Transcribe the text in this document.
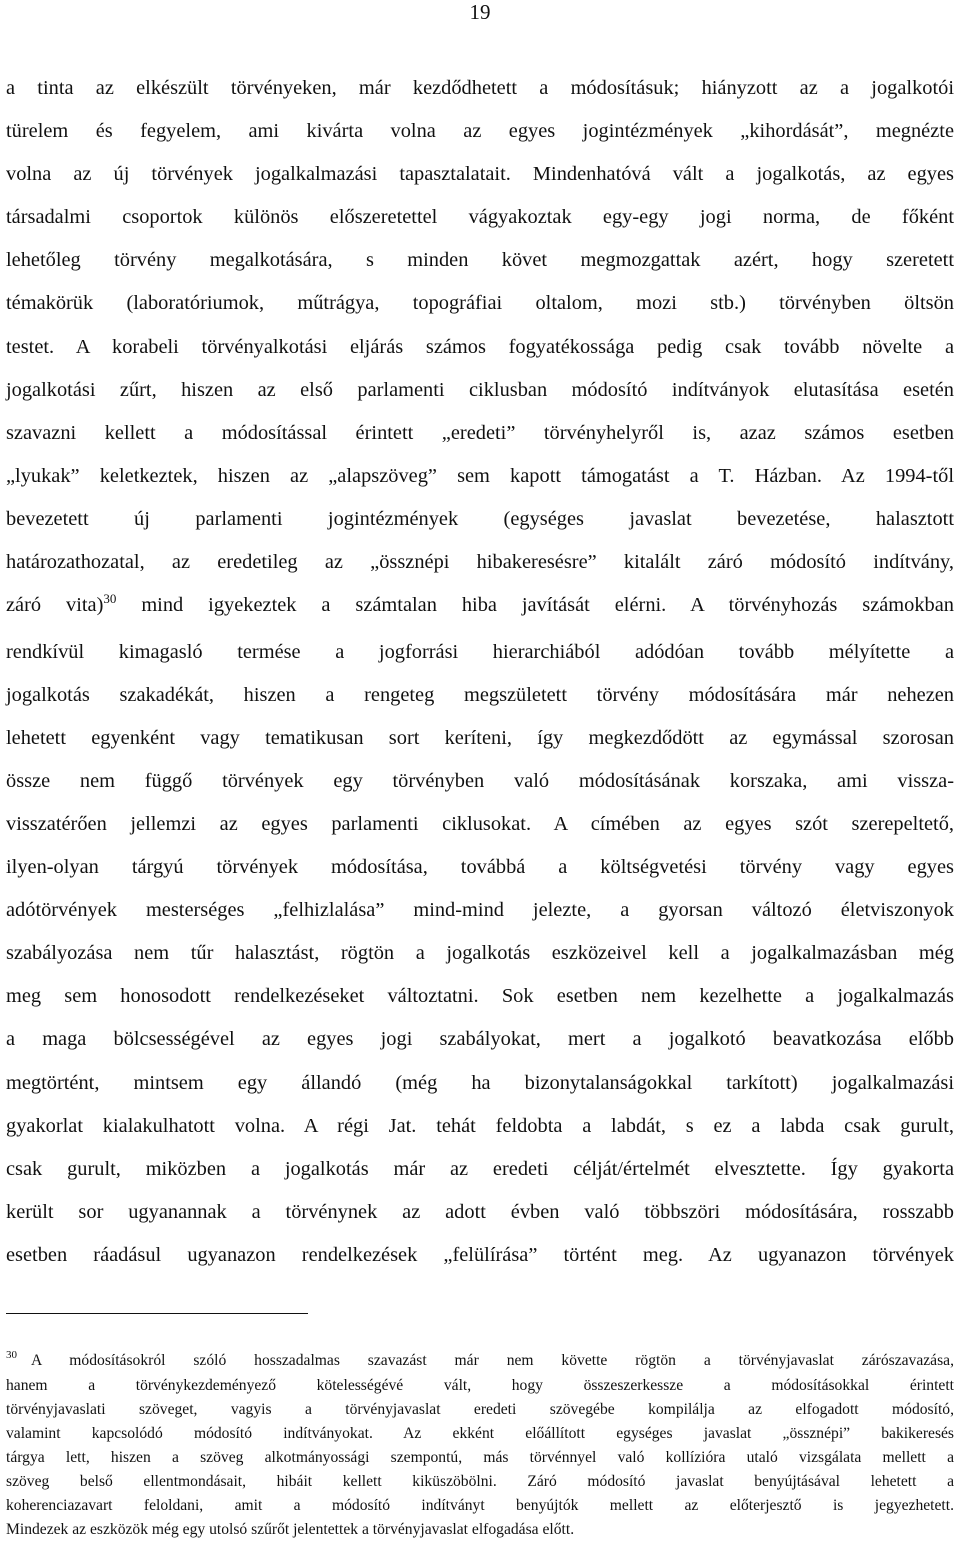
19
a tinta az elkészült törvényeken, már kezdődhetett a módosításuk; hiányzott az a jogalkotói
türelem és fegyelem, ami kivárta volna az egyes jogintézmények „kihordását”, megnézte
volna az új törvények jogalkalmazási tapasztalatait. Mindenhatóvá vált a jogalkotás, az egyes
társadalmi csoportok különös előszeretettel vágyakoztak egy-egy jogi norma, de főként
lehetőleg törvény megalkotására, s minden követ megmozgattak azért, hogy szeretett
témakörük (laboratóriumok, műtrágya, topográfiai oltalom, mozi stb.) törvényben öltsön
testet. A korabeli törvényalkotási eljárás számos fogyatékossága pedig csak tovább növelte a
jogalkotási zűrt, hiszen az első parlamenti ciklusban módosító indítványok elutasítása esetén
szavazni kellett a módosítással érintett „eredeti” törvényhelyről is, azaz számos esetben
„lyukak” keletkeztek, hiszen az „alapszöveg” sem kapott támogatást a T. Házban. Az 1994-től
bevezetett új parlamenti jogintézmények (egységes javaslat bevezetése, halasztott
határozathozatal, az eredetileg az „össznépi hibakeresésre” kitalált záró módosító indítvány,
záró vita)$^{30}$ mind igyekeztek a számtalan hiba javítását elérni. A törvényhozás számokban
rendkívül kimagasló termése a jogforrási hierarchiából adódóan tovább mélyítette a
jogalkotás szakadékát, hiszen a rengeteg megszületett törvény módosítására már nehezen
lehetett egyenként vagy tematikusan sort keríteni, így megkezdődött az egymással szorosan
össze nem függő törvények egy törvényben való módosításának korszaka, ami vissza-
visszatérően jellemzi az egyes parlamenti ciklusokat. A címében az egyes szót szerepeltető,
ilyen-olyan tárgyú törvények módosítása, továbbá a költségvetési törvény vagy egyes
adótörvények mesterséges „felhizlalása” mind-mind jelezte, a gyorsan változó életviszonyok
szabályozása nem tűr halasztást, rögtön a jogalkotás eszközeivel kell a jogalkalmazásban még
meg sem honosodott rendelkezéseket változtatni. Sok esetben nem kezelhette a jogalkalmazás
a maga bölcsességével az egyes jogi szabályokat, mert a jogalkotó beavatkozása előbb
megtörtént, mintsem egy állandó (még ha bizonytalanságokkal tarkított) jogalkalmazási
gyakorlat kialakulhatott volna. A régi Jat. tehát feldobta a labdát, s ez a labda csak gurult,
csak gurult, miközben a jogalkotás már az eredeti célját/értelmét elvesztette. Így gyakorta
került sor ugyanannak a törvénynek az adott évben való többszöri módosítására, rosszabb
esetben ráadásul ugyanazon rendelkezések „felülírása” történt meg. Az ugyanazon törvények
$^{30}$ A módosításokról szóló hosszadalmas szavazást már nem követte rögtön a törvényjavaslat zárószavazása,
hanem a törvénykezdeményező kötelességévé vált, hogy összeszerkessze a módosításokkal érintett
törvényjavaslati szöveget, vagyis a törvényjavaslat eredeti szövegébe kompilálja az elfogadott módosító,
valamint kapcsolódó módosító indítványokat. Az ekként előállított egységes javaslat „össznépi” bakikeresés
tárgya lett, hiszen a szöveg alkotmányossági szempontú, más törvénnyel való kollízióra utaló vizsgálata mellett a
szöveg belső ellentmondásait, hibáit kellett kiküszöbölni. Záró módosító javaslat benyújtásával lehetett a
koherenciazavart feloldani, amit a módosító indítványt benyújtók mellett az előterjesztő is jegyezhetett.
Mindezek az eszközök még egy utolsó szűrőt jelentettek a törvényjavaslat elfogadása előtt.
